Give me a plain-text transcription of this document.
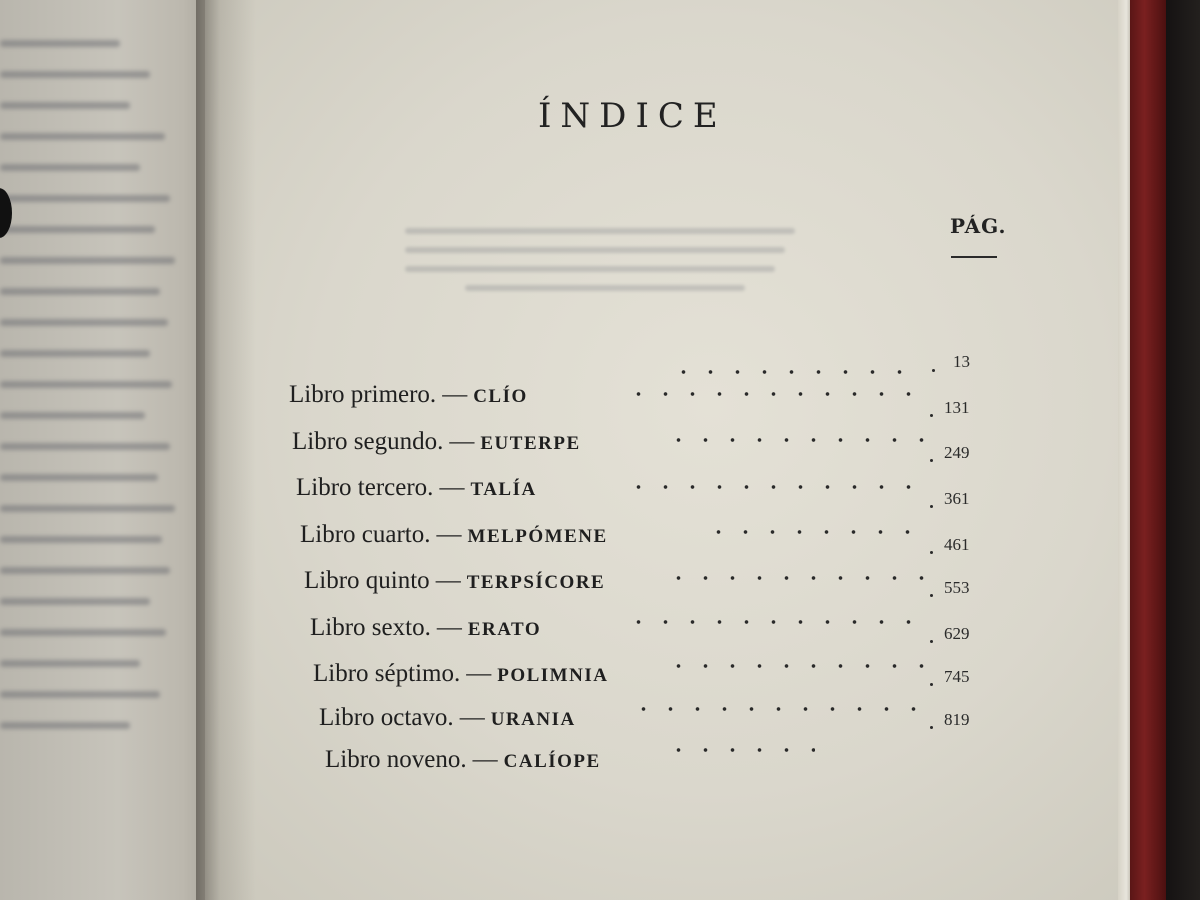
ÍNDICE
PÁG.
13
131
249
361
461
553
629
745
819
Libro primero. — CLÍO
Libro segundo. — EUTERPE
Libro tercero. — TALÍA
Libro cuarto. — MELPÓMENE
Libro quinto — TERPSÍCORE
Libro sexto. — ERATO
Libro séptimo. — POLIMNIA
Libro octavo. — URANIA
Libro noveno. — CALÍOPE
